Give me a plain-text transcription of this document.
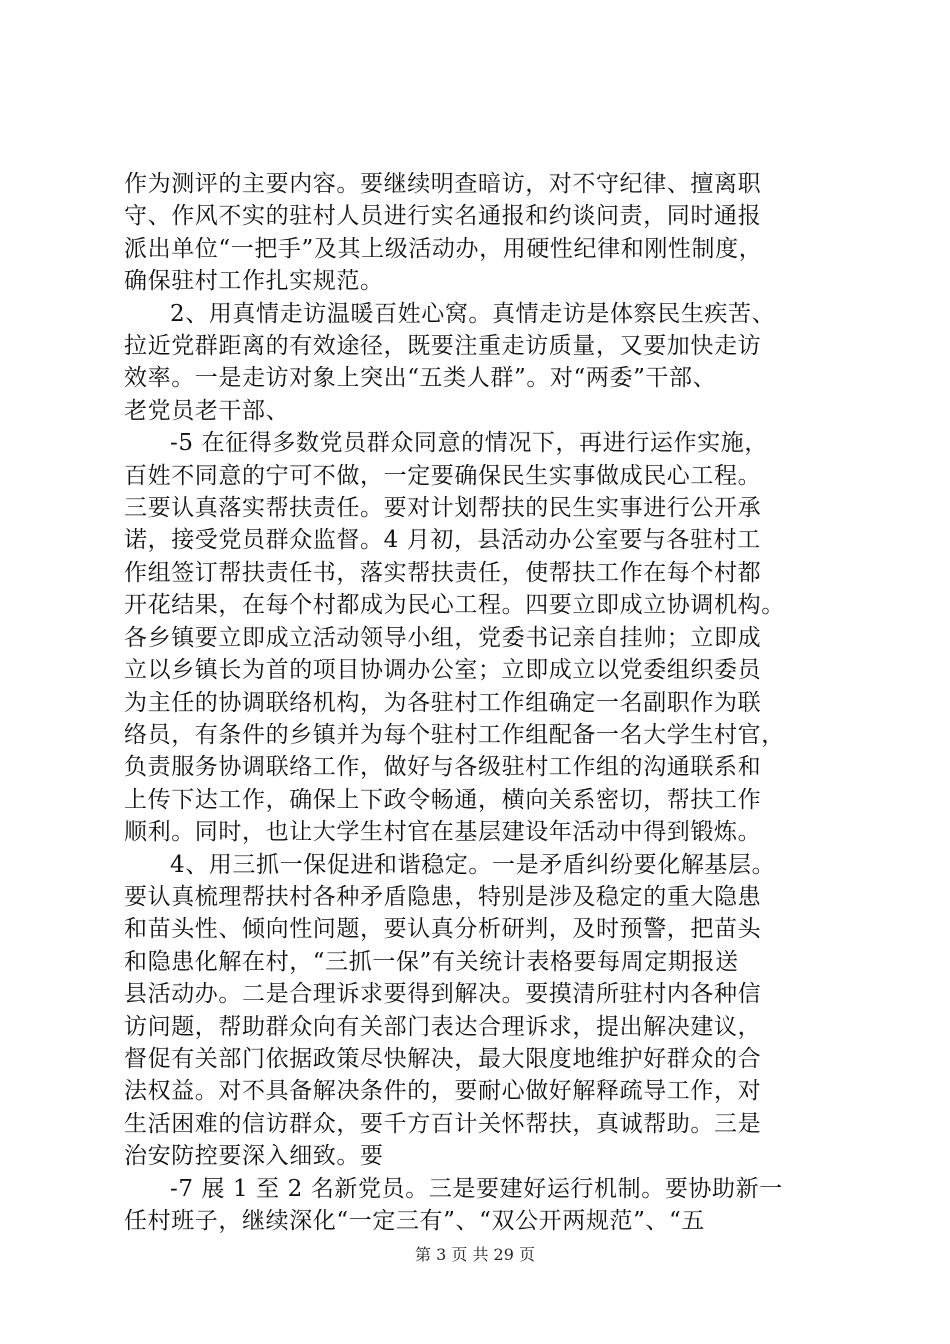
作为测评的主要内容。要继续明查暗访，对不守纪律、擅离职

守、作风不实的驻村人员进行实名通报和约谈问责，同时通报

派出单位“一把手”及其上级活动办，用硬性纪律和刚性制度，

确保驻村工作扎实规范。

2、用真情走访温暖百姓心窝。真情走访是体察民生疾苦、

拉近党群距离的有效途径，既要注重走访质量，又要加快走访

效率。一是走访对象上突出“五类人群”。对“两委”干部、

老党员老干部、

-5 在征得多数党员群众同意的情况下，再进行运作实施，

百姓不同意的宁可不做，一定要确保民生实事做成民心工程。

三要认真落实帮扶责任。要对计划帮扶的民生实事进行公开承

诺，接受党员群众监督。4 月初，县活动办公室要与各驻村工

作组签订帮扶责任书，落实帮扶责任，使帮扶工作在每个村都

开花结果，在每个村都成为民心工程。四要立即成立协调机构。

各乡镇要立即成立活动领导小组，党委书记亲自挂帅；立即成

立以乡镇长为首的项目协调办公室；立即成立以党委组织委员

为主任的协调联络机构，为各驻村工作组确定一名副职作为联

络员，有条件的乡镇并为每个驻村工作组配备一名大学生村官，

负责服务协调联络工作，做好与各级驻村工作组的沟通联系和

上传下达工作，确保上下政令畅通，横向关系密切，帮扶工作

顺利。同时，也让大学生村官在基层建设年活动中得到锻炼。

4、用三抓一保促进和谐稳定。一是矛盾纠纷要化解基层。

要认真梳理帮扶村各种矛盾隐患，特别是涉及稳定的重大隐患

和苗头性、倾向性问题，要认真分析研判，及时预警，把苗头

和隐患化解在村，“三抓一保”有关统计表格要每周定期报送

县活动办。二是合理诉求要得到解决。要摸清所驻村内各种信

访问题，帮助群众向有关部门表达合理诉求，提出解决建议，

督促有关部门依据政策尽快解决，最大限度地维护好群众的合

法权益。对不具备解决条件的，要耐心做好解释疏导工作，对

生活困难的信访群众，要千方百计关怀帮扶，真诚帮助。三是

治安防控要深入细致。要

-7 展 1 至 2 名新党员。三是要建好运行机制。要协助新一

任村班子，继续深化“一定三有”、“双公开两规范”、“五

第 3 页 共 29 页
